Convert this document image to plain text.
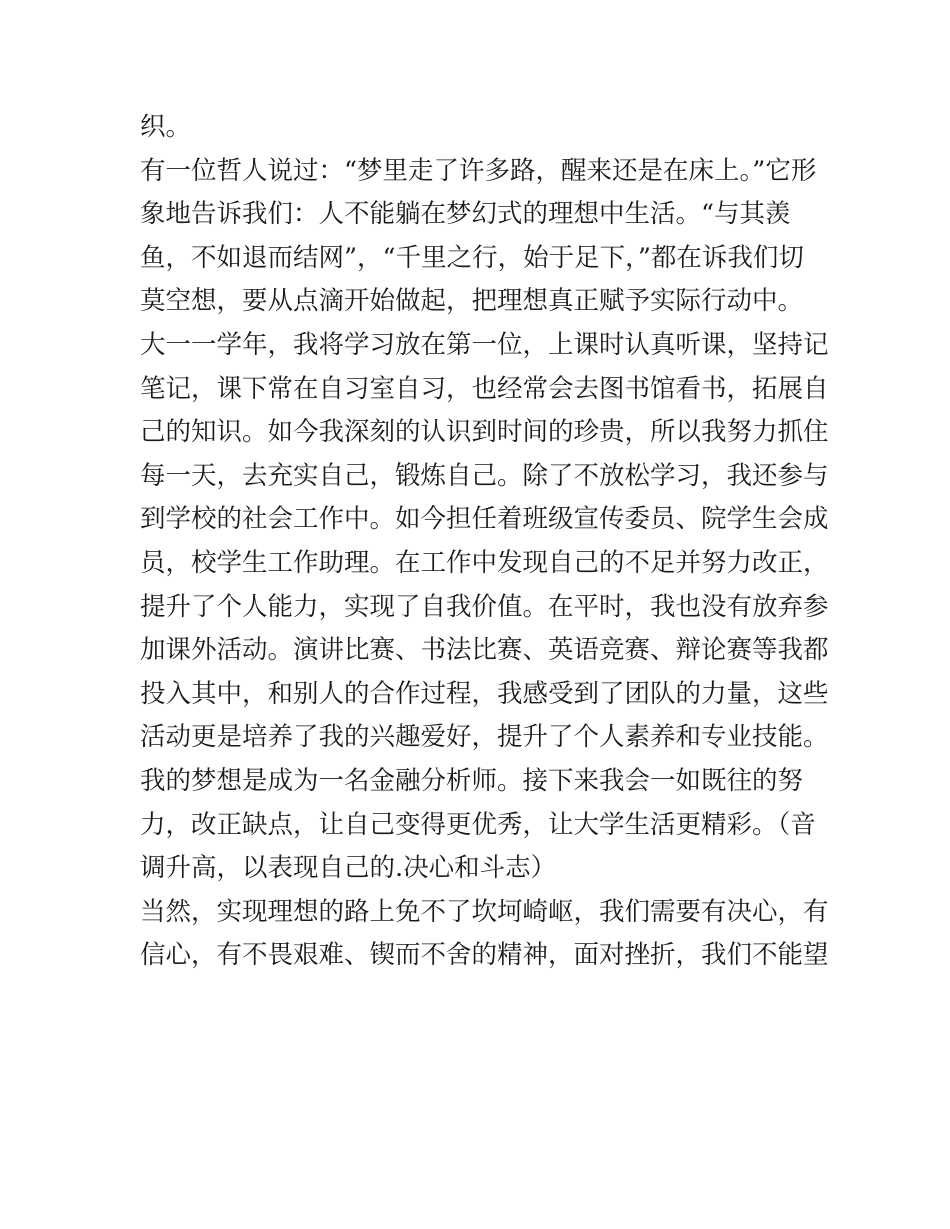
织。
有一位哲人说过：“梦里走了许多路，醒来还是在床上。”它形
象地告诉我们：人不能躺在梦幻式的理想中生活。“与其羡
鱼，不如退而结网”，“千里之行，始于足下，”都在诉我们切
莫空想，要从点滴开始做起，把理想真正赋予实际行动中。
大一一学年，我将学习放在第一位，上课时认真听课，坚持记
笔记，课下常在自习室自习，也经常会去图书馆看书，拓展自
己的知识。如今我深刻的认识到时间的珍贵，所以我努力抓住
每一天，去充实自己，锻炼自己。除了不放松学习，我还参与
到学校的社会工作中。如今担任着班级宣传委员、院学生会成
员，校学生工作助理。在工作中发现自己的不足并努力改正，
提升了个人能力，实现了自我价值。在平时，我也没有放弃参
加课外活动。演讲比赛、书法比赛、英语竞赛、辩论赛等我都
投入其中，和别人的合作过程，我感受到了团队的力量，这些
活动更是培养了我的兴趣爱好，提升了个人素养和专业技能。
我的梦想是成为一名金融分析师。接下来我会一如既往的努
力，改正缺点，让自己变得更优秀，让大学生活更精彩。（音
调升高，以表现自己的.决心和斗志）
当然，实现理想的路上免不了坎坷崎岖，我们需要有决心，有
信心，有不畏艰难、锲而不舍的精神，面对挫折，我们不能望
